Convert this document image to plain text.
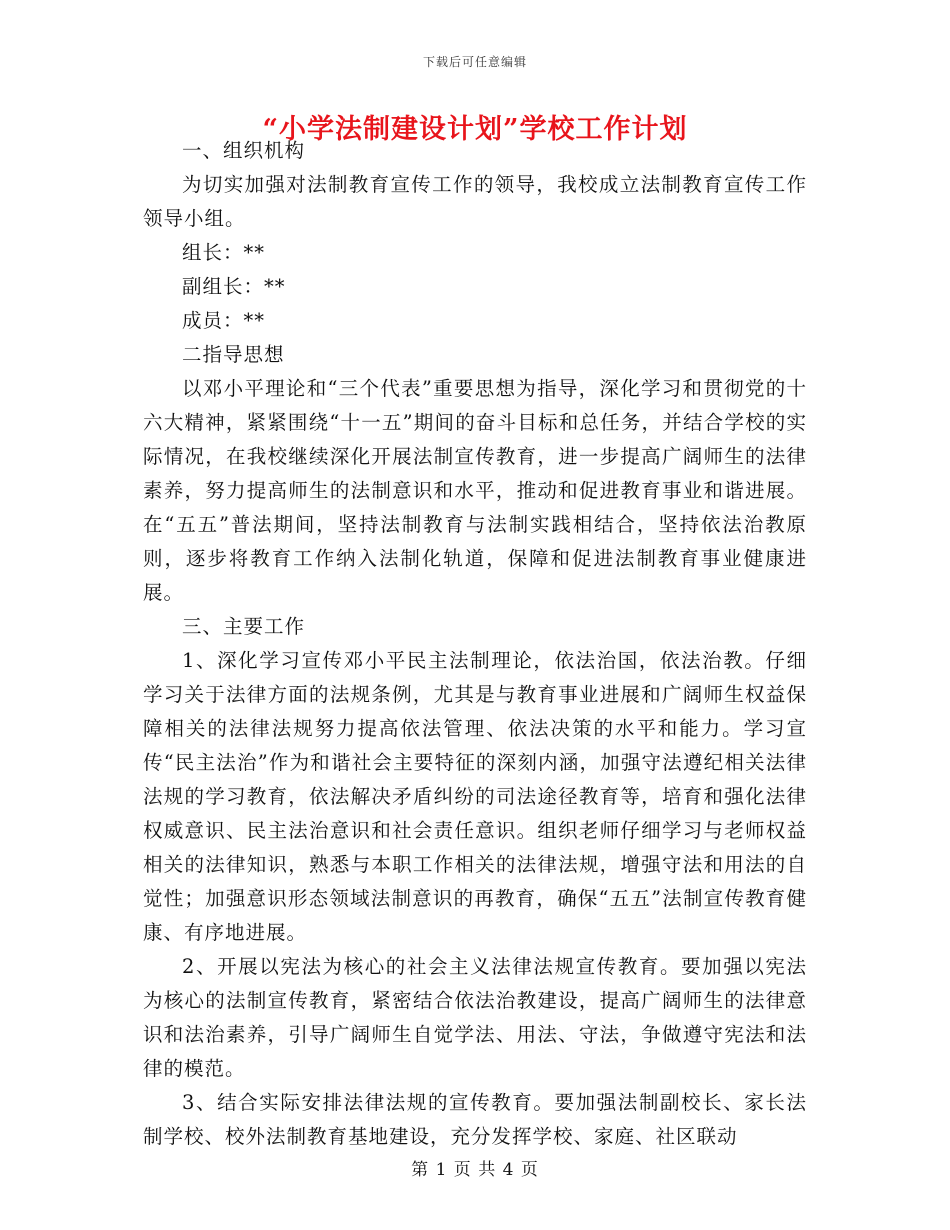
下载后可任意编辑
“小学法制建设计划”学校工作计划

一、组织机构

为切实加强对法制教育宣传工作的领导，我校成立法制教育宣传工作领导小组。

组长：**

副组长：**

成员：**

二指导思想

以邓小平理论和“三个代表”重要思想为指导，深化学习和贯彻党的十六大精神，紧紧围绕“十一五”期间的奋斗目标和总任务，并结合学校的实际情况，在我校继续深化开展法制宣传教育，进一步提高广阔师生的法律素养，努力提高师生的法制意识和水平，推动和促进教育事业和谐进展。在“五五”普法期间，坚持法制教育与法制实践相结合，坚持依法治教原则，逐步将教育工作纳入法制化轨道，保障和促进法制教育事业健康进展。

三、主要工作

1、深化学习宣传邓小平民主法制理论，依法治国，依法治教。仔细学习关于法律方面的法规条例，尤其是与教育事业进展和广阔师生权益保障相关的法律法规努力提高依法管理、依法决策的水平和能力。学习宣传“民主法治”作为和谐社会主要特征的深刻内涵，加强守法遵纪相关法律法规的学习教育，依法解决矛盾纠纷的司法途径教育等，培育和强化法律权威意识、民主法治意识和社会责任意识。组织老师仔细学习与老师权益相关的法律知识，熟悉与本职工作相关的法律法规，增强守法和用法的自觉性；加强意识形态领域法制意识的再教育，确保“五五”法制宣传教育健康、有序地进展。

2、开展以宪法为核心的社会主义法律法规宣传教育。要加强以宪法为核心的法制宣传教育，紧密结合依法治教建设，提高广阔师生的法律意识和法治素养，引导广阔师生自觉学法、用法、守法，争做遵守宪法和法律的模范。

3、结合实际安排法律法规的宣传教育。要加强法制副校长、家长法制学校、校外法制教育基地建设，充分发挥学校、家庭、社区联动

第 1 页 共 4 页
